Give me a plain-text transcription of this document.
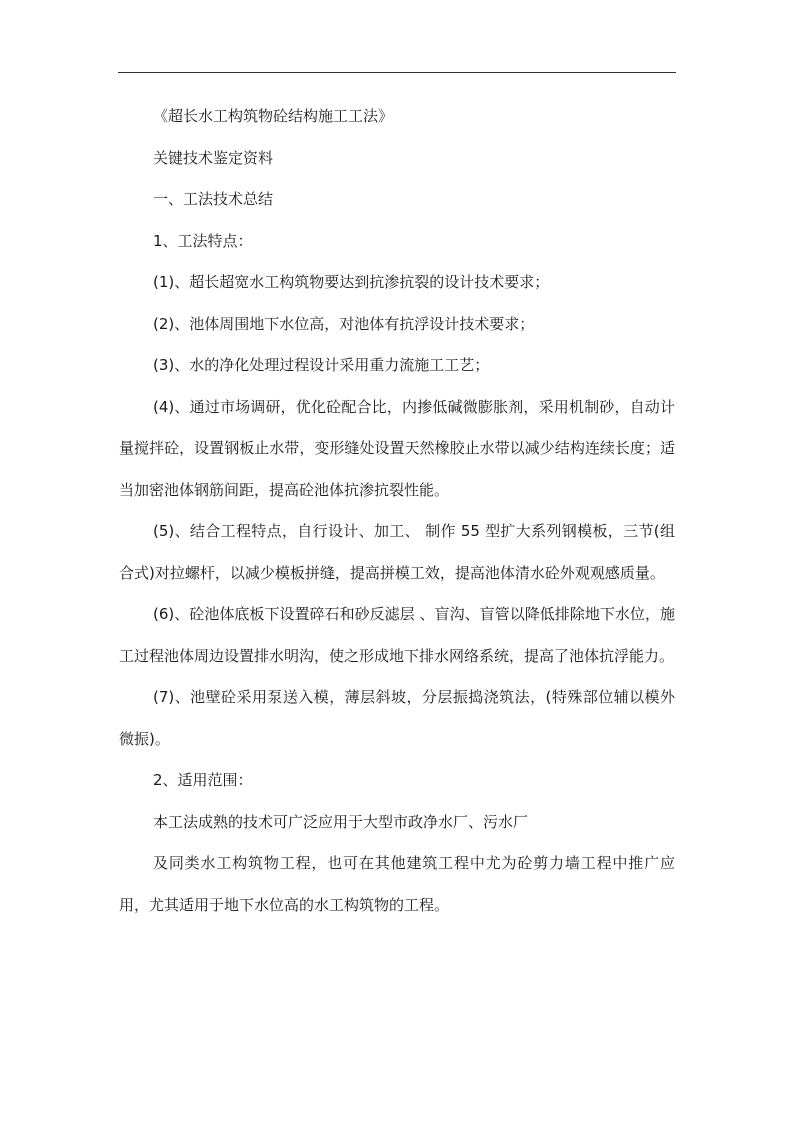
《超长水工构筑物砼结构施工工法》

关键技术鉴定资料

一、工法技术总结

1、工法特点：

(1)、超长超宽水工构筑物要达到抗渗抗裂的设计技术要求；

(2)、池体周围地下水位高，对池体有抗浮设计技术要求；

(3)、水的净化处理过程设计采用重力流施工工艺；

(4)、通过市场调研，优化砼配合比，内掺低碱微膨胀剂，采用机制砂，自动计量搅拌砼，设置钢板止水带，变形缝处设置天然橡胶止水带以减少结构连续长度；适当加密池体钢筋间距，提高砼池体抗渗抗裂性能。

(5)、结合工程特点，自行设计、加工、 制作 55 型扩大系列钢模板，三节(组合式)对拉螺杆，以减少模板拼缝，提高拼模工效，提高池体清水砼外观观感质量。

(6)、砼池体底板下设置碎石和砂反滤层 、盲沟、盲管以降低排除地下水位，施工过程池体周边设置排水明沟，使之形成地下排水网络系统，提高了池体抗浮能力。

(7)、池壁砼采用泵送入模，薄层斜坡，分层振捣浇筑法，(特殊部位辅以模外微振)。

2、适用范围：

本工法成熟的技术可广泛应用于大型市政净水厂、污水厂

及同类水工构筑物工程，也可在其他建筑工程中尤为砼剪力墙工程中推广应用，尤其适用于地下水位高的水工构筑物的工程。
